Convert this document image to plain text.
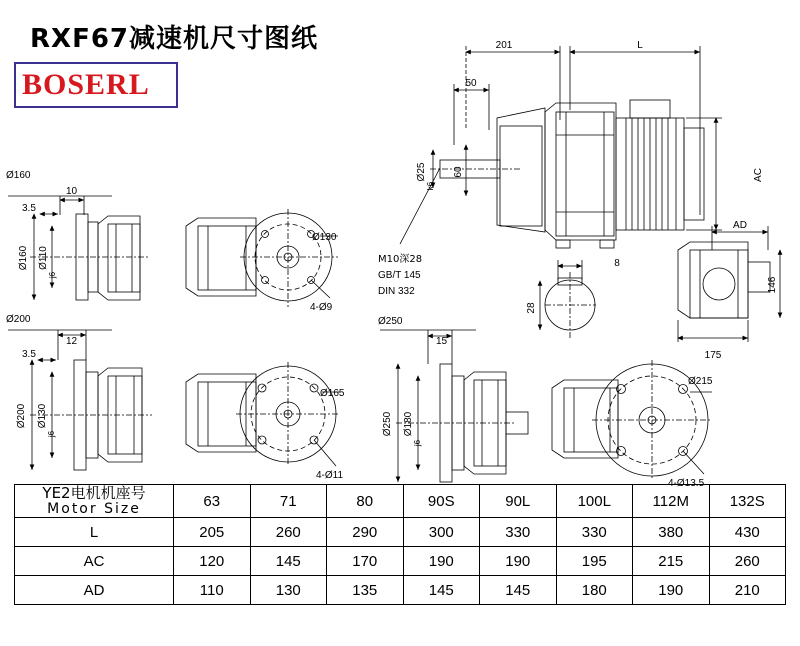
RXF67减速机尺寸图纸
BOSERL
201	L
50
Ø25
k6
60	AC
AD
146
175
8
28
M10深28
GB/T 145
DIN 332
Ø160
10
3.5
Ø160 Ø110
j6
Ø130
4-Ø9
Ø200
12
3.5
Ø200 Ø130
j6
Ø165
4-Ø11
Ø250
15
Ø250 Ø180
j6
Ø215
4-Ø13.5
YE2电机机座号
Motor Size	63	71	80	90S	90L	100L	112M	132S
L	205	260	290	300	330	330	380	430
AC	120	145	170	190	190	195	215	260
AD	110	130	135	145	145	180	190	210
